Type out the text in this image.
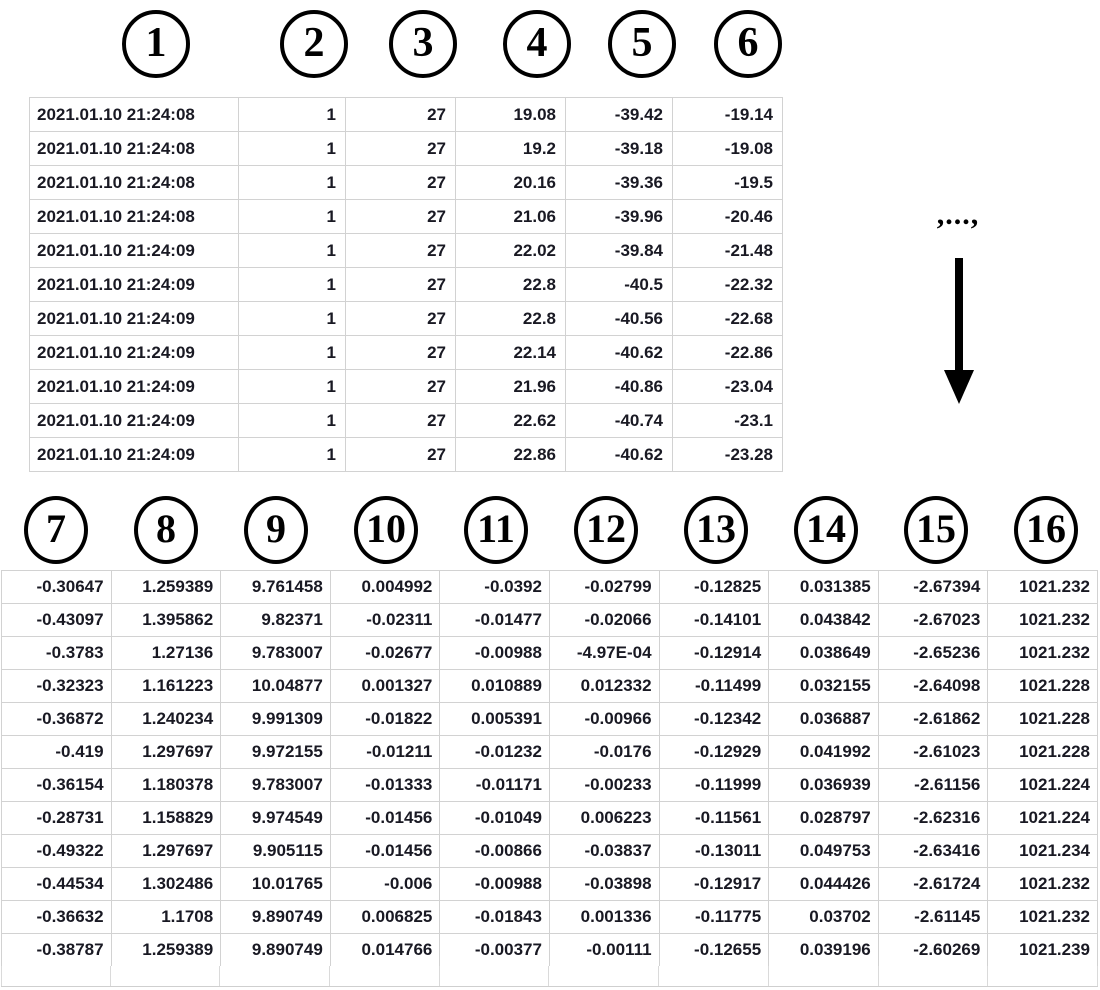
1	2	3	4	5	6
2021.01.10 21:24:08	1	27	19.08	-39.42	-19.14
2021.01.10 21:24:08	1	27	19.2	-39.18	-19.08
2021.01.10 21:24:08	1	27	20.16	-39.36	-19.5
2021.01.10 21:24:08	1	27	21.06	-39.96	-20.46
2021.01.10 21:24:09	1	27	22.02	-39.84	-21.48
2021.01.10 21:24:09	1	27	22.8	-40.5	-22.32
2021.01.10 21:24:09	1	27	22.8	-40.56	-22.68
2021.01.10 21:24:09	1	27	22.14	-40.62	-22.86
2021.01.10 21:24:09	1	27	21.96	-40.86	-23.04
2021.01.10 21:24:09	1	27	22.62	-40.74	-23.1
2021.01.10 21:24:09	1	27	22.86	-40.62	-23.28
,...,
7	8	9	10	11	12	13	14	15	16
-0.30647	1.259389	9.761458	0.004992	-0.0392	-0.02799	-0.12825	0.031385	-2.67394	1021.232
-0.43097	1.395862	9.82371	-0.02311	-0.01477	-0.02066	-0.14101	0.043842	-2.67023	1021.232
-0.3783	1.27136	9.783007	-0.02677	-0.00988	-4.97E-04	-0.12914	0.038649	-2.65236	1021.232
-0.32323	1.161223	10.04877	0.001327	0.010889	0.012332	-0.11499	0.032155	-2.64098	1021.228
-0.36872	1.240234	9.991309	-0.01822	0.005391	-0.00966	-0.12342	0.036887	-2.61862	1021.228
-0.419	1.297697	9.972155	-0.01211	-0.01232	-0.0176	-0.12929	0.041992	-2.61023	1021.228
-0.36154	1.180378	9.783007	-0.01333	-0.01171	-0.00233	-0.11999	0.036939	-2.61156	1021.224
-0.28731	1.158829	9.974549	-0.01456	-0.01049	0.006223	-0.11561	0.028797	-2.62316	1021.224
-0.49322	1.297697	9.905115	-0.01456	-0.00866	-0.03837	-0.13011	0.049753	-2.63416	1021.234
-0.44534	1.302486	10.01765	-0.006	-0.00988	-0.03898	-0.12917	0.044426	-2.61724	1021.232
-0.36632	1.1708	9.890749	0.006825	-0.01843	0.001336	-0.11775	0.03702	-2.61145	1021.232
-0.38787	1.259389	9.890749	0.014766	-0.00377	-0.00111	-0.12655	0.039196	-2.60269	1021.239
